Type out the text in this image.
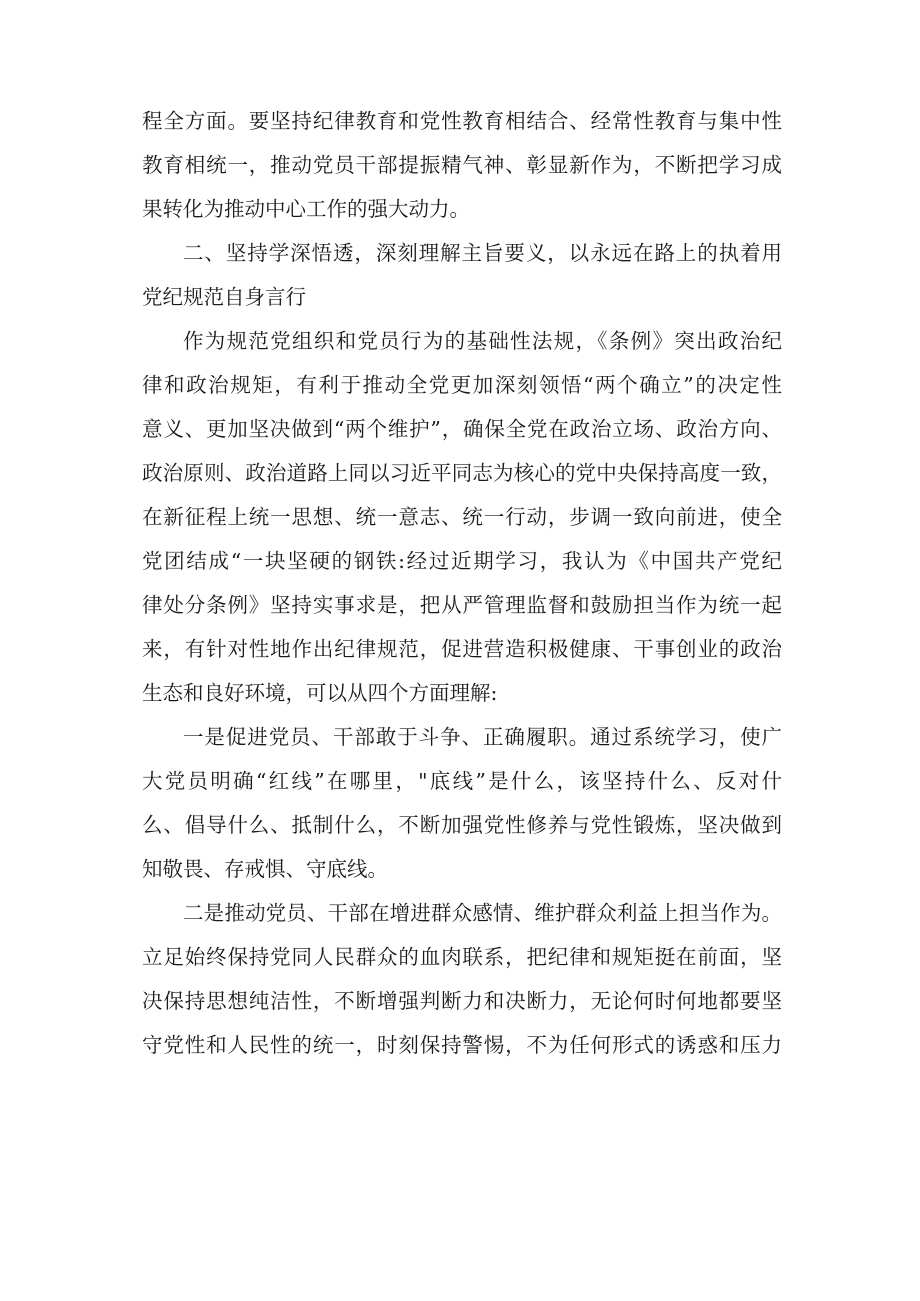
程全方面。要坚持纪律教育和党性教育相结合、经常性教育与集中性
教育相统一，推动党员干部提振精气神、彰显新作为，不断把学习成
果转化为推动中心工作的强大动力。
二、坚持学深悟透，深刻理解主旨要义，以永远在路上的执着用
党纪规范自身言行
作为规范党组织和党员行为的基础性法规，《条例》突出政治纪
律和政治规矩，有利于推动全党更加深刻领悟“两个确立”的决定性
意义、更加坚决做到“两个维护”，确保全党在政治立场、政治方向、
政治原则、政治道路上同以习近平同志为核心的党中央保持高度一致，
在新征程上统一思想、统一意志、统一行动，步调一致向前进，使全
党团结成“一块坚硬的钢铁:经过近期学习，我认为《中国共产党纪
律处分条例》坚持实事求是，把从严管理监督和鼓励担当作为统一起
来，有针对性地作出纪律规范，促进营造积极健康、干事创业的政治
生态和良好环境，可以从四个方面理解:
一是促进党员、干部敢于斗争、正确履职。通过系统学习，使广
大党员明确“红线”在哪里，"底线”是什么，该坚持什么、反对什
么、倡导什么、抵制什么，不断加强党性修养与党性锻炼，坚决做到
知敬畏、存戒惧、守底线。
二是推动党员、干部在增进群众感情、维护群众利益上担当作为。
立足始终保持党同人民群众的血肉联系，把纪律和规矩挺在前面，坚
决保持思想纯洁性，不断增强判断力和决断力，无论何时何地都要坚
守党性和人民性的统一，时刻保持警惕，不为任何形式的诱惑和压力
